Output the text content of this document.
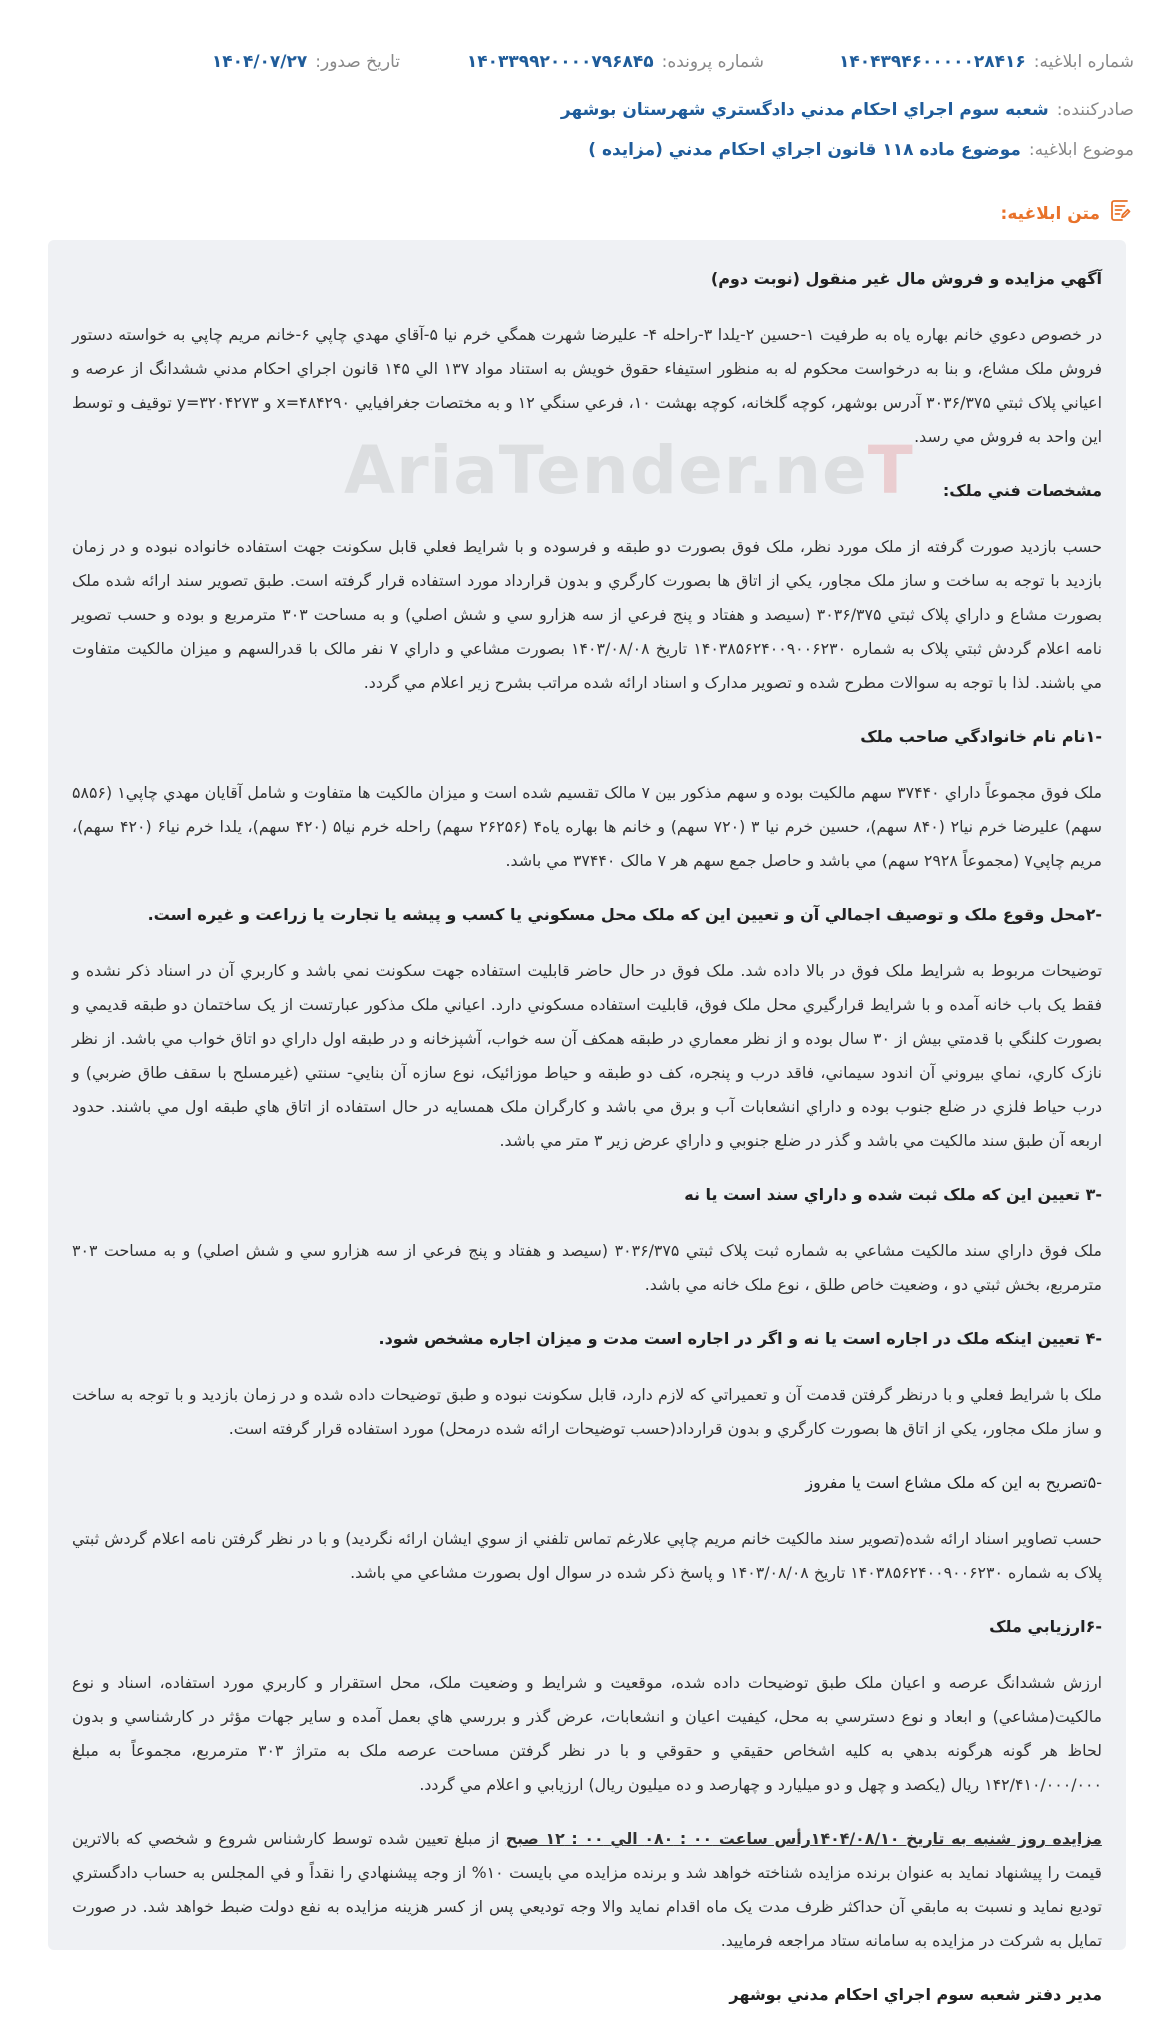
شماره ابلاغيه:
۱۴۰۴۳۹۴۶۰۰۰۰۰۲۸۴۱۶
شماره پرونده:
۱۴۰۳۳۹۹۲۰۰۰۰۷۹۶۸۴۵
تاريخ صدور:
۱۴۰۴/۰۷/۲۷
صادرکننده:
شعبه سوم اجراي احکام مدني دادگستري شهرستان بوشهر
موضوع ابلاغيه:
موضوع ماده ۱۱۸ قانون اجراي احکام مدني (مزايده )
متن ابلاغيه:
آگهي مزايده و فروش مال غير منقول (نوبت دوم)

در خصوص دعوي خانم بهاره ياه به طرفيت ۱-حسين ۲-يلدا ۳-راحله ۴- عليرضا شهرت همگي خرم نيا ۵-آقاي مهدي چاپي ۶-خانم مريم چاپي به خواسته دستور فروش ملک مشاع، و بنا به درخواست محکوم له به منظور استيفاء حقوق خويش به استناد مواد ۱۳۷ الي ۱۴۵ قانون اجراي احکام مدني ششدانگ از عرصه و اعياني پلاک ثبتي ۳۰۳۶/۳۷۵ آدرس بوشهر، کوچه گلخانه، کوچه بهشت ۱۰، فرعي سنگي ۱۲ و به مختصات جغرافيايي x=۴۸۴۲۹۰ و y=۳۲۰۴۲۷۳ توقيف و توسط اين واحد به فروش مي رسد.

مشخصات فني ملک:

حسب بازديد صورت گرفته از ملک مورد نظر، ملک فوق بصورت دو طبقه و فرسوده و با شرايط فعلي قابل سکونت جهت استفاده خانواده نبوده و در زمان بازديد با توجه به ساخت و ساز ملک مجاور، يکي از اتاق ها بصورت کارگري و بدون قرارداد مورد استفاده قرار گرفته است. طبق تصوير سند ارائه شده ملک بصورت مشاع و داراي پلاک ثبتي ۳۰۳۶/۳۷۵ (سيصد و هفتاد و پنج فرعي از سه هزارو سي و شش اصلي) و به مساحت ۳۰۳ مترمربع و بوده و حسب تصوير نامه اعلام گردش ثبتي پلاک به شماره ۱۴۰۳۸۵۶۲۴۰۰۹۰۰۶۲۳۰ تاريخ ۱۴۰۳/۰۸/۰۸ بصورت مشاعي و داراي ۷ نفر مالک با قدرالسهم و ميزان مالکيت متفاوت مي باشند. لذا با توجه به سوالات مطرح شده و تصوير مدارک و اسناد ارائه شده مراتب بشرح زير اعلام مي گردد.

-۱نام نام خانوادگي صاحب ملک

ملک فوق مجموعاً داراي ۳۷۴۴۰ سهم مالکيت بوده و سهم مذکور بين ۷ مالک تقسيم شده است و ميزان مالکيت ها متفاوت و شامل آقايان مهدي چاپي۱ (۵۸۵۶ سهم) عليرضا خرم نيا۲ (۸۴۰ سهم)، حسين خرم نيا ۳ (۷۲۰ سهم) و خانم ها بهاره ياه۴ (۲۶۲۵۶ سهم) راحله خرم نيا۵ (۴۲۰ سهم)، يلدا خرم نيا۶ (۴۲۰ سهم)، مريم چاپي۷ (مجموعاً ۲۹۲۸ سهم) مي باشد و حاصل جمع سهم هر ۷ مالک ۳۷۴۴۰ مي باشد.

-۲محل وقوع ملک و توصيف اجمالي آن و تعيين اين که ملک محل مسکوني يا کسب و پيشه يا تجارت يا زراعت و غيره است.

توضيحات مربوط به شرايط ملک فوق در بالا داده شد. ملک فوق در حال حاضر قابليت استفاده جهت سکونت نمي باشد و کاربري آن در اسناد ذکر نشده و فقط يک باب خانه آمده و با شرايط قرارگيري محل ملک فوق، قابليت استفاده مسکوني دارد. اعياني ملک مذکور عبارتست از يک ساختمان دو طبقه قديمي و بصورت کلنگي با قدمتي بيش از ۳۰ سال بوده و از نظر معماري در طبقه همکف آن سه خواب، آشپزخانه و در طبقه اول داراي دو اتاق خواب مي باشد. از نظر نازک کاري، نماي بيروني آن اندود سيماني، فاقد درب و پنجره، کف دو طبقه و حياط موزائيک، نوع سازه آن بنايي- سنتي (غيرمسلح با سقف طاق ضربي) و درب حياط فلزي در ضلع جنوب بوده و داراي انشعابات آب و برق مي باشد و کارگران ملک همسايه در حال استفاده از اتاق هاي طبقه اول مي باشند. حدود اربعه آن طبق سند مالکيت مي باشد و گذر در ضلع جنوبي و داراي عرض زير ۳ متر مي باشد.

-۳ تعيين اين که ملک ثبت شده و داراي سند است يا نه

ملک فوق داراي سند مالکيت مشاعي به شماره ثبت پلاک ثبتي ۳۰۳۶/۳۷۵ (سيصد و هفتاد و پنج فرعي از سه هزارو سي و شش اصلي) و به مساحت ۳۰۳ مترمربع، بخش ثبتي دو ، وضعيت خاص طلق ، نوع ملک خانه مي باشد.

-۴ تعيين اينکه ملک در اجاره است يا نه و اگر در اجاره است مدت و ميزان اجاره مشخص شود.

ملک با شرايط فعلي و با درنظر گرفتن قدمت آن و تعميراتي که لازم دارد، قابل سکونت نبوده و طبق توضيحات داده شده و در زمان بازديد و با توجه به ساخت و ساز ملک مجاور، يکي از اتاق ها بصورت کارگري و بدون قرارداد(حسب توضيحات ارائه شده درمحل) مورد استفاده قرار گرفته است.

-۵تصريح به اين که ملک مشاع است يا مفروز

حسب تصاوير اسناد ارائه شده(تصوير سند مالکيت خانم مريم چاپي علارغم تماس تلفني از سوي ايشان ارائه نگرديد) و با در نظر گرفتن نامه اعلام گردش ثبتي پلاک به شماره ۱۴۰۳۸۵۶۲۴۰۰۹۰۰۶۲۳۰ تاريخ ۱۴۰۳/۰۸/۰۸ و پاسخ ذکر شده در سوال اول بصورت مشاعي مي باشد.

-۶ارزيابي ملک

ارزش ششدانگ عرصه و اعيان ملک طبق توضيحات داده شده، موقعيت و شرايط و وضعيت ملک، محل استقرار و کاربري مورد استفاده، اسناد و نوع مالکيت(مشاعي) و ابعاد و نوع دسترسي به محل، کيفيت اعيان و انشعابات، عرض گذر و بررسي هاي بعمل آمده و ساير جهات مؤثر در کارشناسي و بدون لحاظ هر گونه هرگونه بدهي به کليه اشخاص حقيقي و حقوقي و با در نظر گرفتن مساحت عرصه ملک به متراژ ۳۰۳ مترمربع، مجموعاً به مبلغ ۱۴۲/۴۱۰/۰۰۰/۰۰۰ ريال (يکصد و چهل و دو ميليارد و چهارصد و ده ميليون ريال) ارزيابي و اعلام مي گردد.

مزايده روز شنبه به تاريخ ۱۴۰۴/۰۸/۱۰رأس ساعت ۰۰ : ۰۸۰ الي ۰۰ : ۱۲ صبح از مبلغ تعيين شده توسط کارشناس شروع و شخصي که بالاترين قيمت را پيشنهاد نمايد به عنوان برنده مزايده شناخته خواهد شد و برنده مزايده مي بايست ۱۰% از وجه پيشنهادي را نقداً و في المجلس به حساب دادگستري توديع نمايد و نسبت به مابقي آن حداکثر ظرف مدت يک ماه اقدام نمايد والا وجه توديعي پس از کسر هزينه مزايده به نفع دولت ضبط خواهد شد. در صورت تمايل به شرکت در مزايده به سامانه ستاد مراجعه فرماييد.

مدير دفتر شعبه سوم اجراي احکام مدني بوشهر
